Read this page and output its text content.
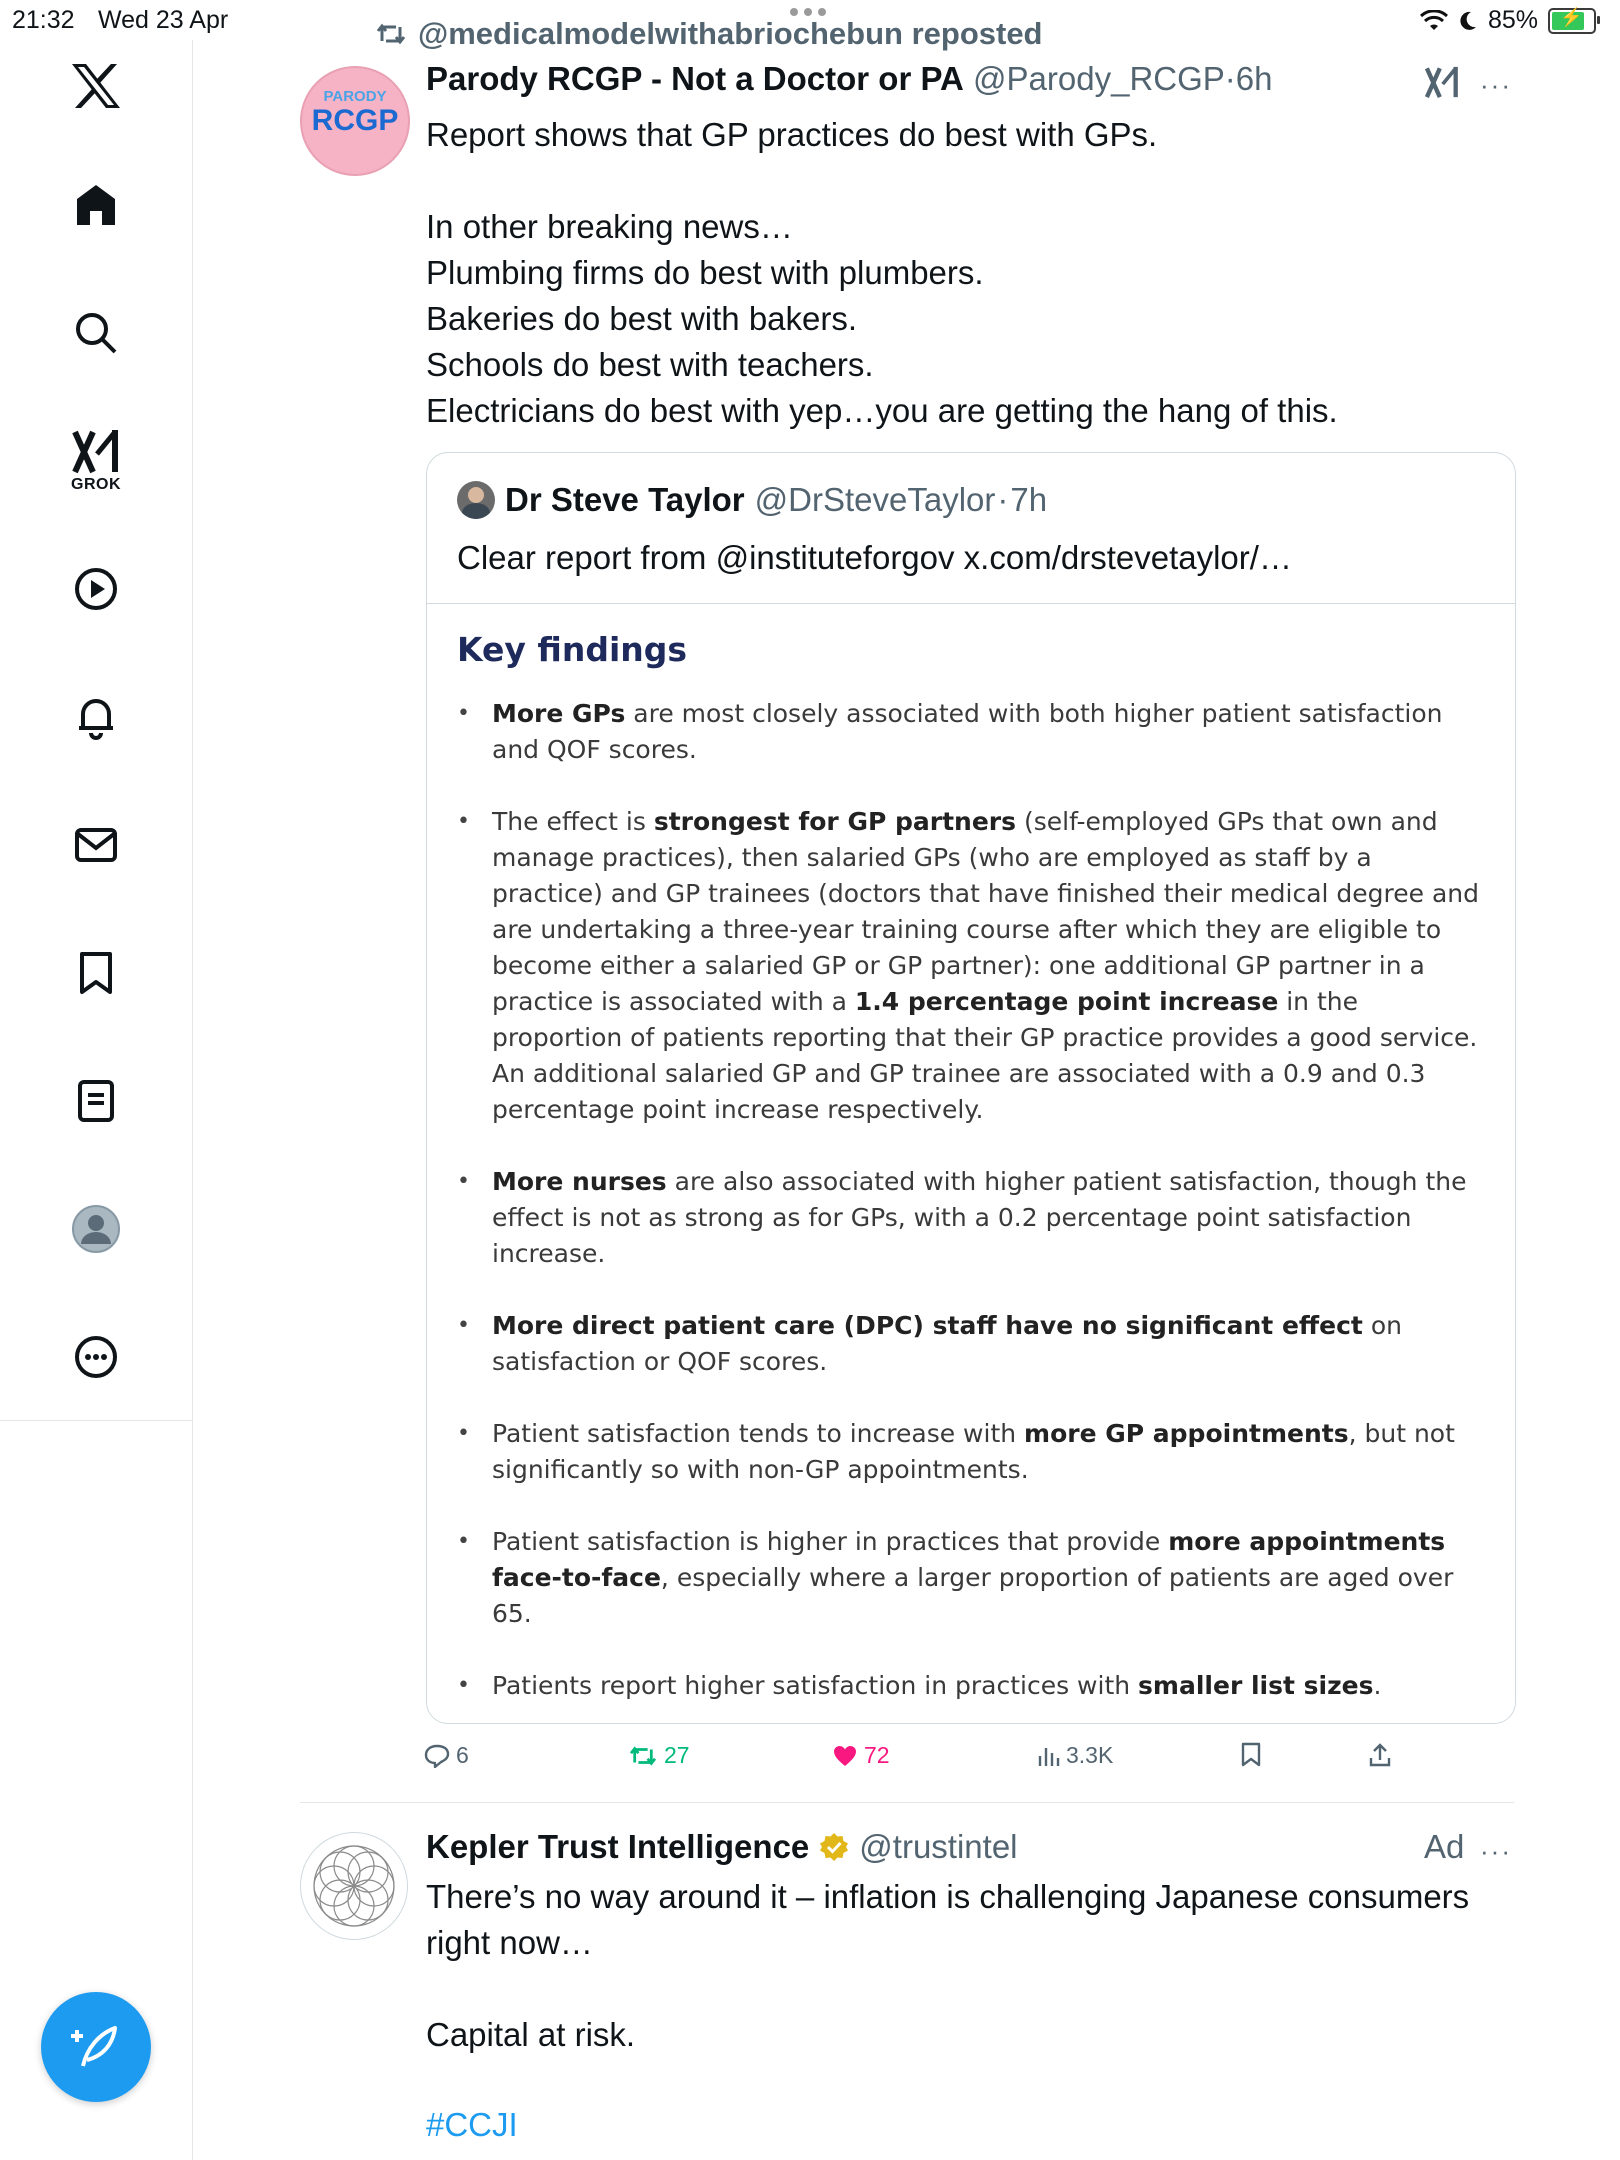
21:32 Wed 23 Apr	85% ⚡
GROK
@medicalmodelwithabriochebun reposted
PARODY
RCGP
Parody RCGP - Not a Doctor or PA @Parody_RCGP·6h	···
Report shows that GP practices do best with GPs.

In other breaking news…
Plumbing firms do best with plumbers.
Bakeries do best with bakers.
Schools do best with teachers.
Electricians do best with yep…you are getting the hang of this.
Dr Steve Taylor @DrSteveTaylor · 7h
Clear report from @instituteforgov x.com/drstevetaylor/…
Key findings
• More GPs are most closely associated with both higher patient satisfaction and QOF scores.
• The effect is strongest for GP partners (self-employed GPs that own and manage practices), then salaried GPs (who are employed as staff by a practice) and GP trainees (doctors that have finished their medical degree and are undertaking a three-year training course after which they are eligible to become either a salaried GP or GP partner): one additional GP partner in a practice is associated with a 1.4 percentage point increase in the proportion of patients reporting that their GP practice provides a good service. An additional salaried GP and GP trainee are associated with a 0.9 and 0.3 percentage point increase respectively.
• More nurses are also associated with higher patient satisfaction, though the effect is not as strong as for GPs, with a 0.2 percentage point satisfaction increase.
• More direct patient care (DPC) staff have no significant effect on satisfaction or QOF scores.
• Patient satisfaction tends to increase with more GP appointments, but not significantly so with non-GP appointments.
• Patient satisfaction is higher in practices that provide more appointments face-to-face, especially where a larger proportion of patients are aged over 65.
• Patients report higher satisfaction in practices with smaller list sizes.
6	27	72	3.3K
Kepler Trust Intelligence @trustintel	Ad ···
There’s no way around it – inflation is challenging Japanese consumers right now…

Capital at risk.
#CCJI
